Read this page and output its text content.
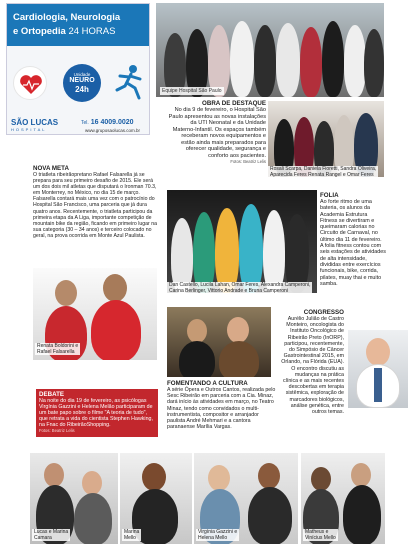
Cardiologia, Neurologia
e Ortopedia 24 HORAS
Unidade
NEURO
24h
SÃO LUCAS
HOSPITAL
Tel. 16 4009.0020
www.gruposaolucas.com.br
Equipe Hospital São Paulo
OBRA DE DESTAQUE
No dia 9 de fevereiro, o Hospital São Paulo apresentou as novas instalações da UTI Neonatal e da Unidade Materno-Infantil. Os espaços também receberam novos equipamentos e estão ainda mais preparados para oferecer qualidade, segurança e conforto aos pacientes.
Fotos: Beatriz Lelis
Rosali Scarpa, Daniela Fioretti, Sandra Oliveira,
Aparecida Feres Renata Rangel e Omar Feres
NOVA META
O triatleta ribeirãopretano Rafael Falsarella já se prepara para seu primeiro desafio de 2015. Ele será um dos dois mil atletas que disputará o Ironman 70.3, em Monterrey, no México, no dia 15 de março. Falsarella contará mais uma vez com o patrocínio do Hospital São Francisco, uma parceria que já dura quatro anos. Recentemente, o triatleta participou da primeira etapa da A Liga, importante competição de mountain bike da região, ficando em primeiro lugar na sua categoria (30 – 34 anos) e terceiro colocado no geral, na prova ocorrida em Monte Azul Paulista.
Renata Boldorini e
Rafael Falsarella
Dan Castello, Lucila Lahan, Omar Feres, Alexandra Camperoni,
Carina Berlinger, Vittorio Andrade e Bruna Camperoni
FOLIA
Ao forte ritmo de uma bateria, os alunos da Academia Estrutura Fitness se divertiram e queimaram calorias no Circuito de Carnaval, no último dia 11 de fevereiro. A folia fitness contou com seis estações de atividades de alta intensidade, divididas entre exercícios funcionais, bike, corrida, pilates, muay thai e muito samba.
CONGRESSO
Aurélio Julião de Castro Monteiro, oncologista do Instituto Oncológico de Ribeirão Preto (InORP), participou, recentemente, do Simpósio de Câncer Gastrointestinal 2015, em Orlando, na Flórida (EUA). O encontro discutiu as mudanças na prática clínica e as mais recentes descobertas em terapia sistêmica, exploração de marcadores biológicos, análise genética, entre outros temas.
FOMENTANDO A CULTURA
A série Ópera e Outros Cantos, realizada pelo Sesc Ribeirão em parceria com a Cia. Minaz, dará início às atividades em março, no Teatro Minaz, tendo como convidados o multi-instrumentista, compositor e arranjador paulista André Mehmari e a cantora paranaense Marília Vargas.
DEBATE
Na noite do dia 19 de fevereiro, as psicólogas Virgínia Gazzini e Helena Melão participaram de um bate papo sobre o filme "A teoria de tudo", que retrata a vida do cientista Stephen Hawking, na Fnac do RibeirãoShopping.
Fotos: Beatriz Lelis
Lucas e Marina
Camara
Marina
Mello
Virgínia Gazzini e
Helena Mello
Matheus e
Vinícius Mello
